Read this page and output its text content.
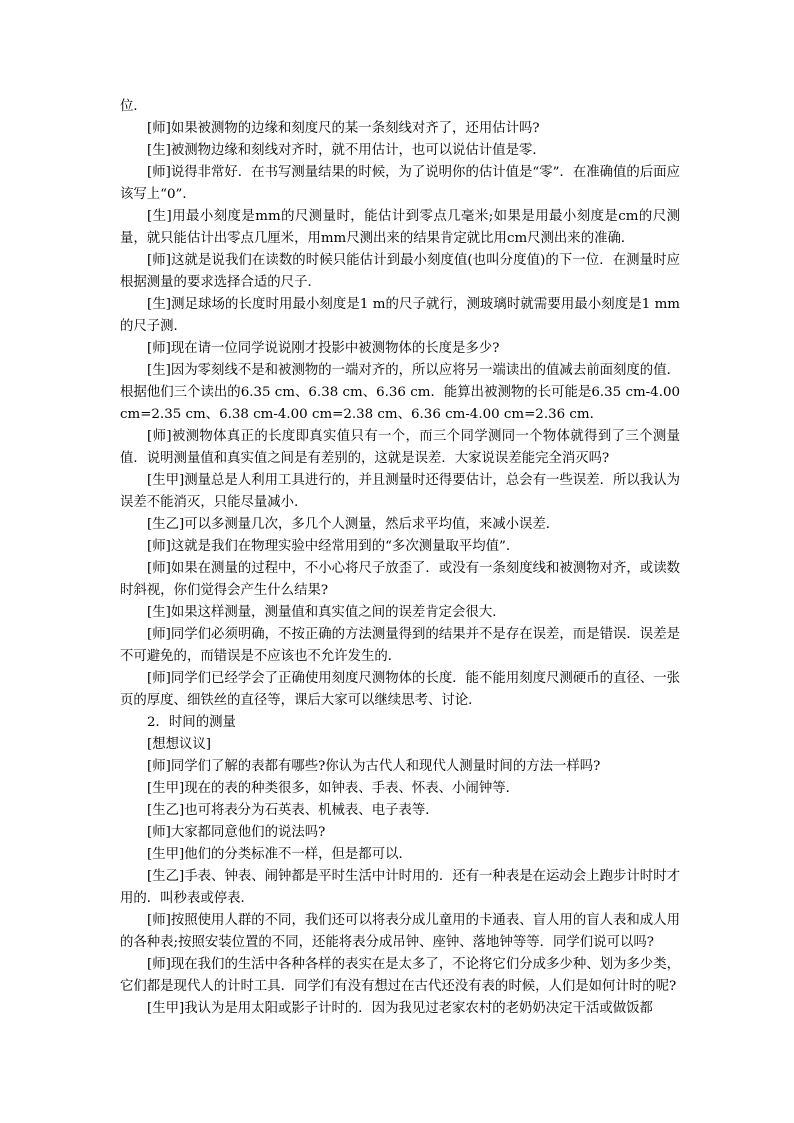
位．

[师]如果被测物的边缘和刻度尺的某一条刻线对齐了，还用估计吗?

[生]被测物边缘和刻线对齐时，就不用估计，也可以说估计值是零．

[师]说得非常好．在书写测量结果的时候，为了说明你的估计值是“零”．在准确值的后面应该写上“0”．

[生]用最小刻度是mm的尺测量时，能估计到零点几毫米;如果是用最小刻度是cm的尺测量，就只能估计出零点几厘米，用mm尺测出来的结果肯定就比用cm尺测出来的准确．

[师]这就是说我们在读数的时候只能估计到最小刻度值(也叫分度值)的下一位．在测量时应根据测量的要求选择合适的尺子．

[生]测足球场的长度时用最小刻度是1 m的尺子就行，测玻璃时就需要用最小刻度是1 mm的尺子测．

[师]现在请一位同学说说刚才投影中被测物体的长度是多少?

[生]因为零刻线不是和被测物的一端对齐的，所以应将另一端读出的值减去前面刻度的值．根据他们三个读出的6.35 cm、6.38 cm、6.36 cm．能算出被测物的长可能是6.35 cm-4.00 cm=2.35 cm、6.38 cm-4.00 cm=2.38 cm、6.36 cm-4.00 cm=2.36 cm．

[师]被测物体真正的长度即真实值只有一个，而三个同学测同一个物体就得到了三个测量值．说明测量值和真实值之间是有差别的，这就是误差．大家说误差能完全消灭吗?

[生甲]测量总是人利用工具进行的，并且测量时还得要估计，总会有一些误差．所以我认为误差不能消灭，只能尽量减小．

[生乙]可以多测量几次，多几个人测量，然后求平均值，来减小误差．

[师]这就是我们在物理实验中经常用到的“多次测量取平均值”．

[师]如果在测量的过程中，不小心将尺子放歪了．或没有一条刻度线和被测物对齐，或读数时斜视，你们觉得会产生什么结果?

[生]如果这样测量，测量值和真实值之间的误差肯定会很大．

[师]同学们必须明确，不按正确的方法测量得到的结果并不是存在误差，而是错误．误差是不可避免的，而错误是不应该也不允许发生的．

[师]同学们已经学会了正确使用刻度尺测物体的长度．能不能用刻度尺测硬币的直径、一张页的厚度、细铁丝的直径等，课后大家可以继续思考、讨论．

2．时间的测量

[想想议议]

[师]同学们了解的表都有哪些?你认为古代人和现代人测量时间的方法一样吗?

[生甲]现在的表的种类很多，如钟表、手表、怀表、小闹钟等．

[生乙]也可将表分为石英表、机械表、电子表等．

[师]大家都同意他们的说法吗?

[生甲]他们的分类标准不一样，但是都可以．

[生乙]手表、钟表、闹钟都是平时生活中计时用的．还有一种表是在运动会上跑步计时时才用的．叫秒表或停表．

[师]按照使用人群的不同，我们还可以将表分成儿童用的卡通表、盲人用的盲人表和成人用的各种表;按照安装位置的不同，还能将表分成吊钟、座钟、落地钟等等．同学们说可以吗?

[师]现在我们的生活中各种各样的表实在是太多了，不论将它们分成多少种、划为多少类，它们都是现代人的计时工具．同学们有没有想过在古代还没有表的时候，人们是如何计时的呢?

[生甲]我认为是用太阳或影子计时的．因为我见过老家农村的老奶奶决定干活或做饭都
